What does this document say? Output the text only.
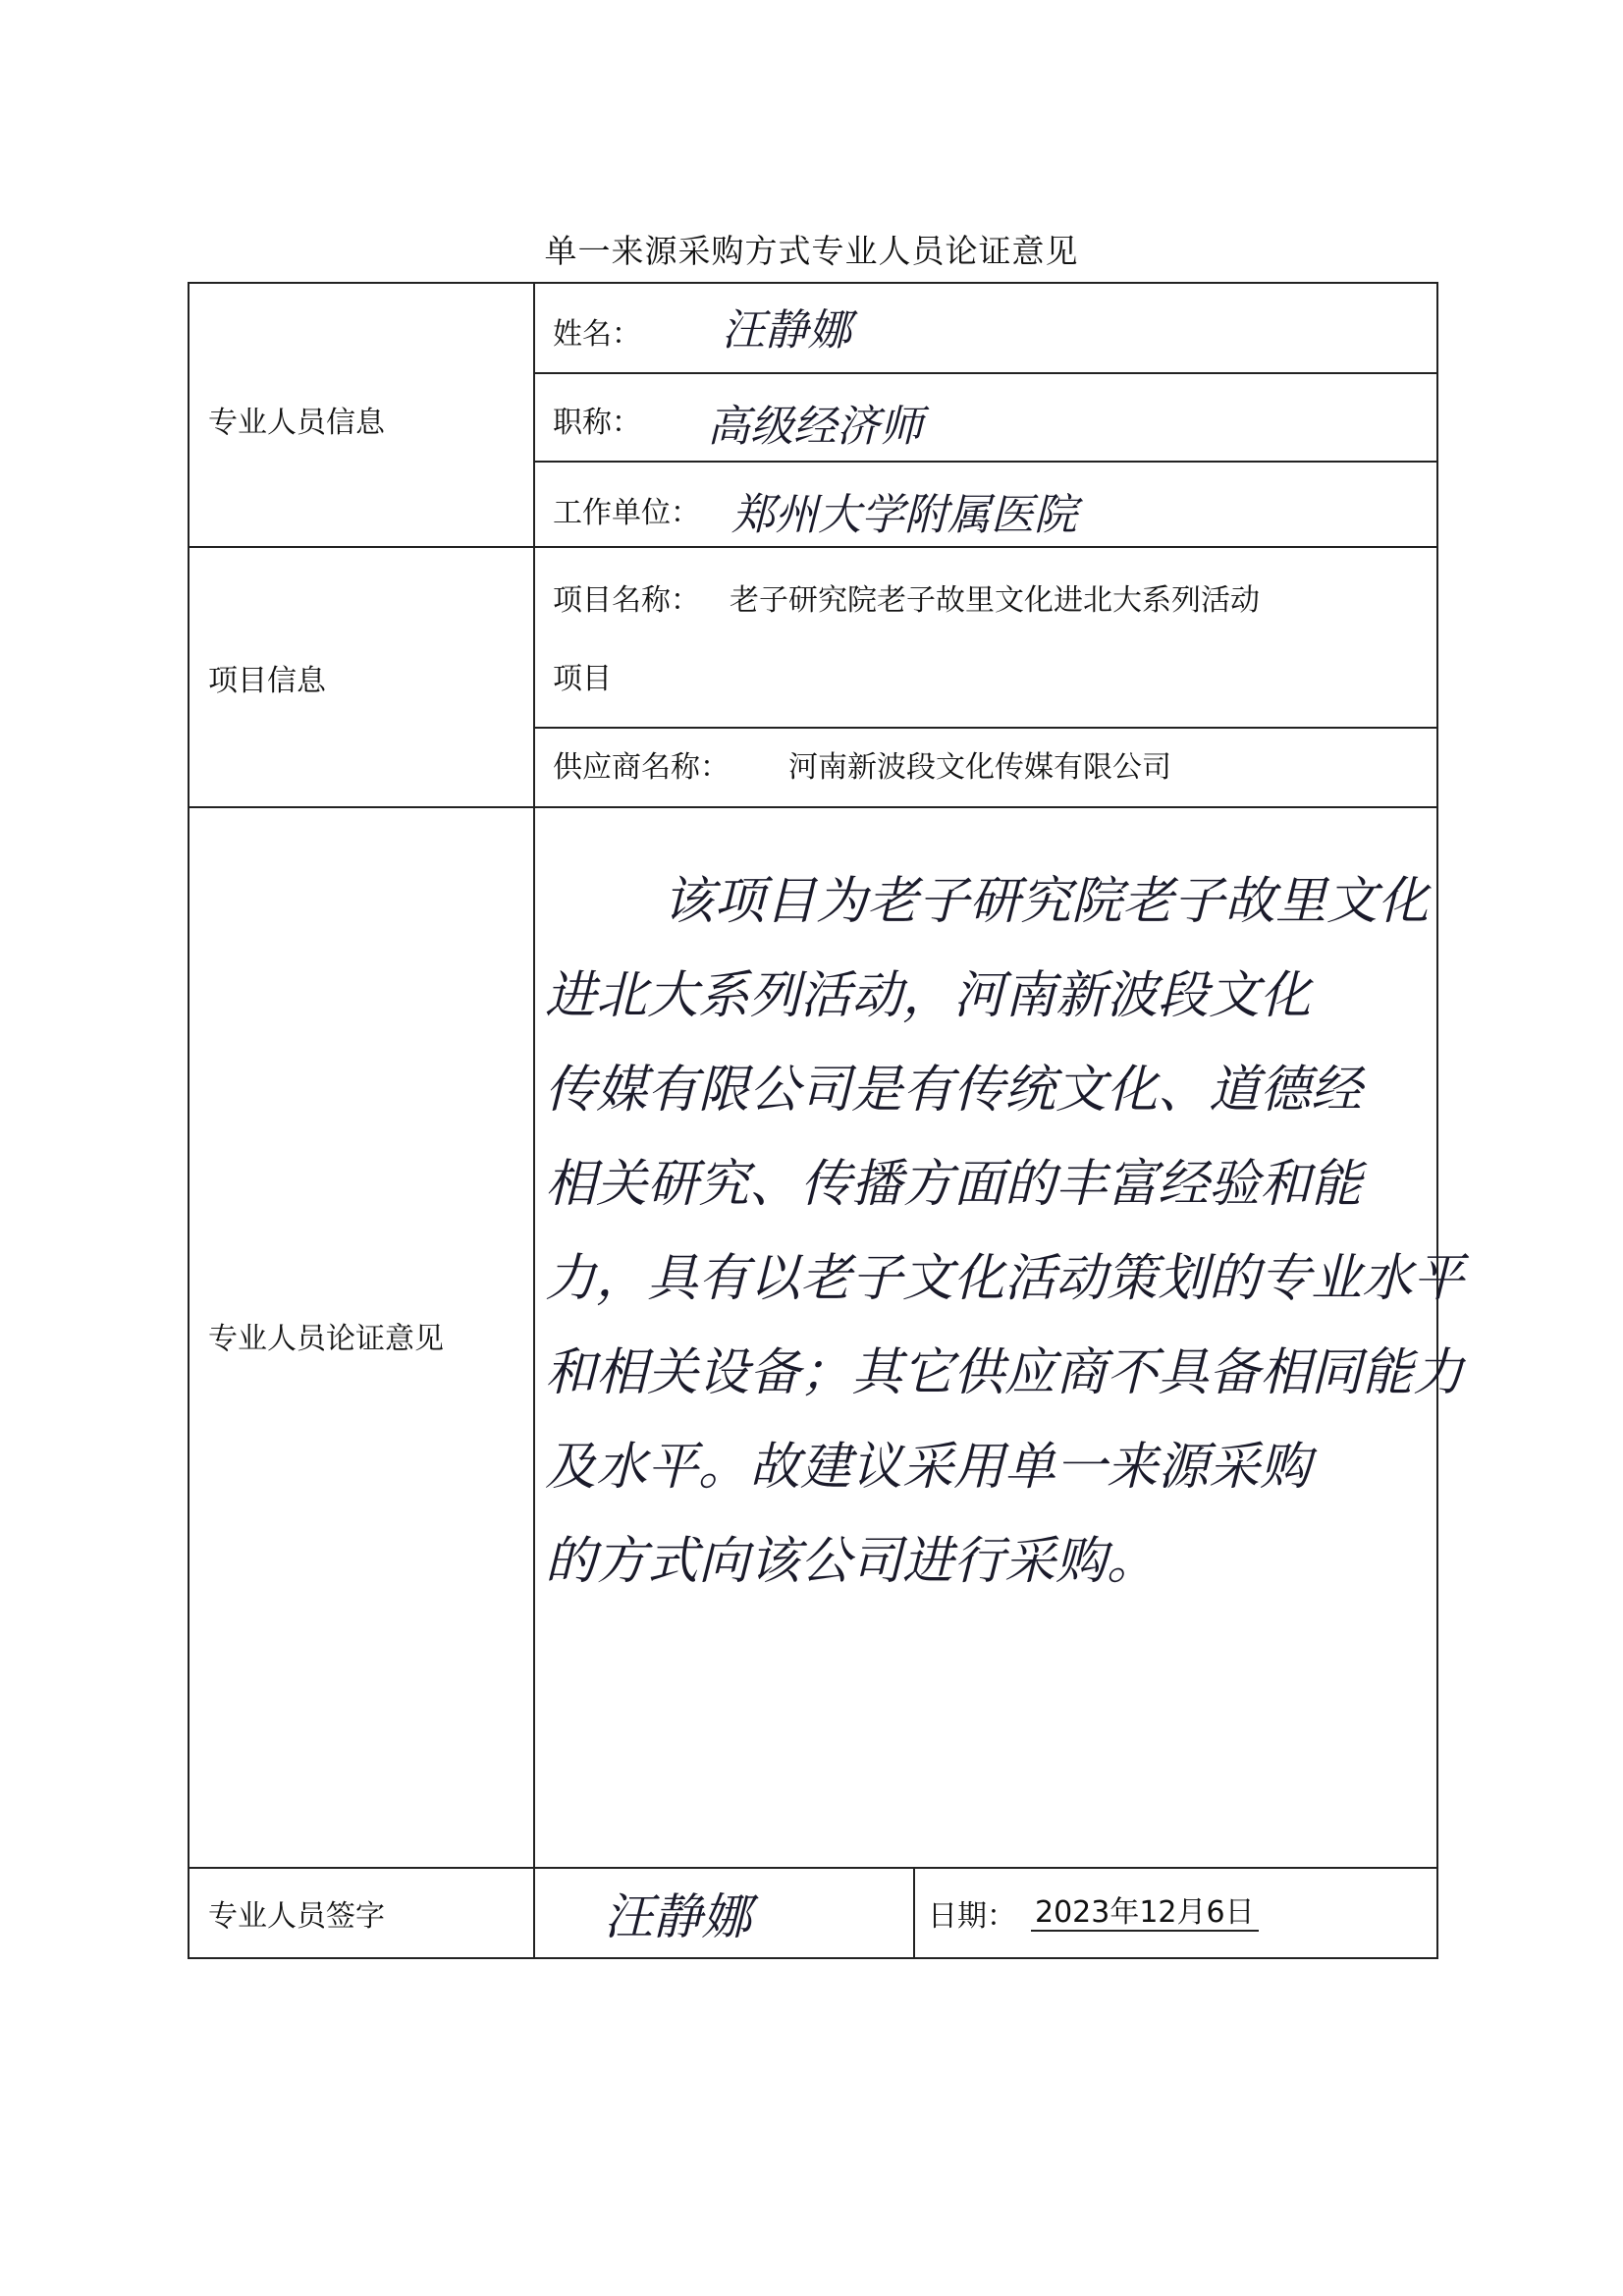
单一来源采购方式专业人员论证意见
专业人员信息
姓名： 汪静娜
职称： 高级经济师
工作单位： 郑州大学附属医院
项目信息
项目名称： 老子研究院老子故里文化进北大系列活动
项目
供应商名称： 河南新波段文化传媒有限公司
专业人员论证意见
该项目为老子研究院老子故里文化
进北大系列活动，河南新波段文化
传媒有限公司是有传统文化、道德经
相关研究、传播方面的丰富经验和能
力，具有以老子文化活动策划的专业水平
和相关设备；其它供应商不具备相同能力
及水平。故建议采用单一来源采购
的方式向该公司进行采购。
专业人员签字	汪静娜	日期： 2023年12月6日
